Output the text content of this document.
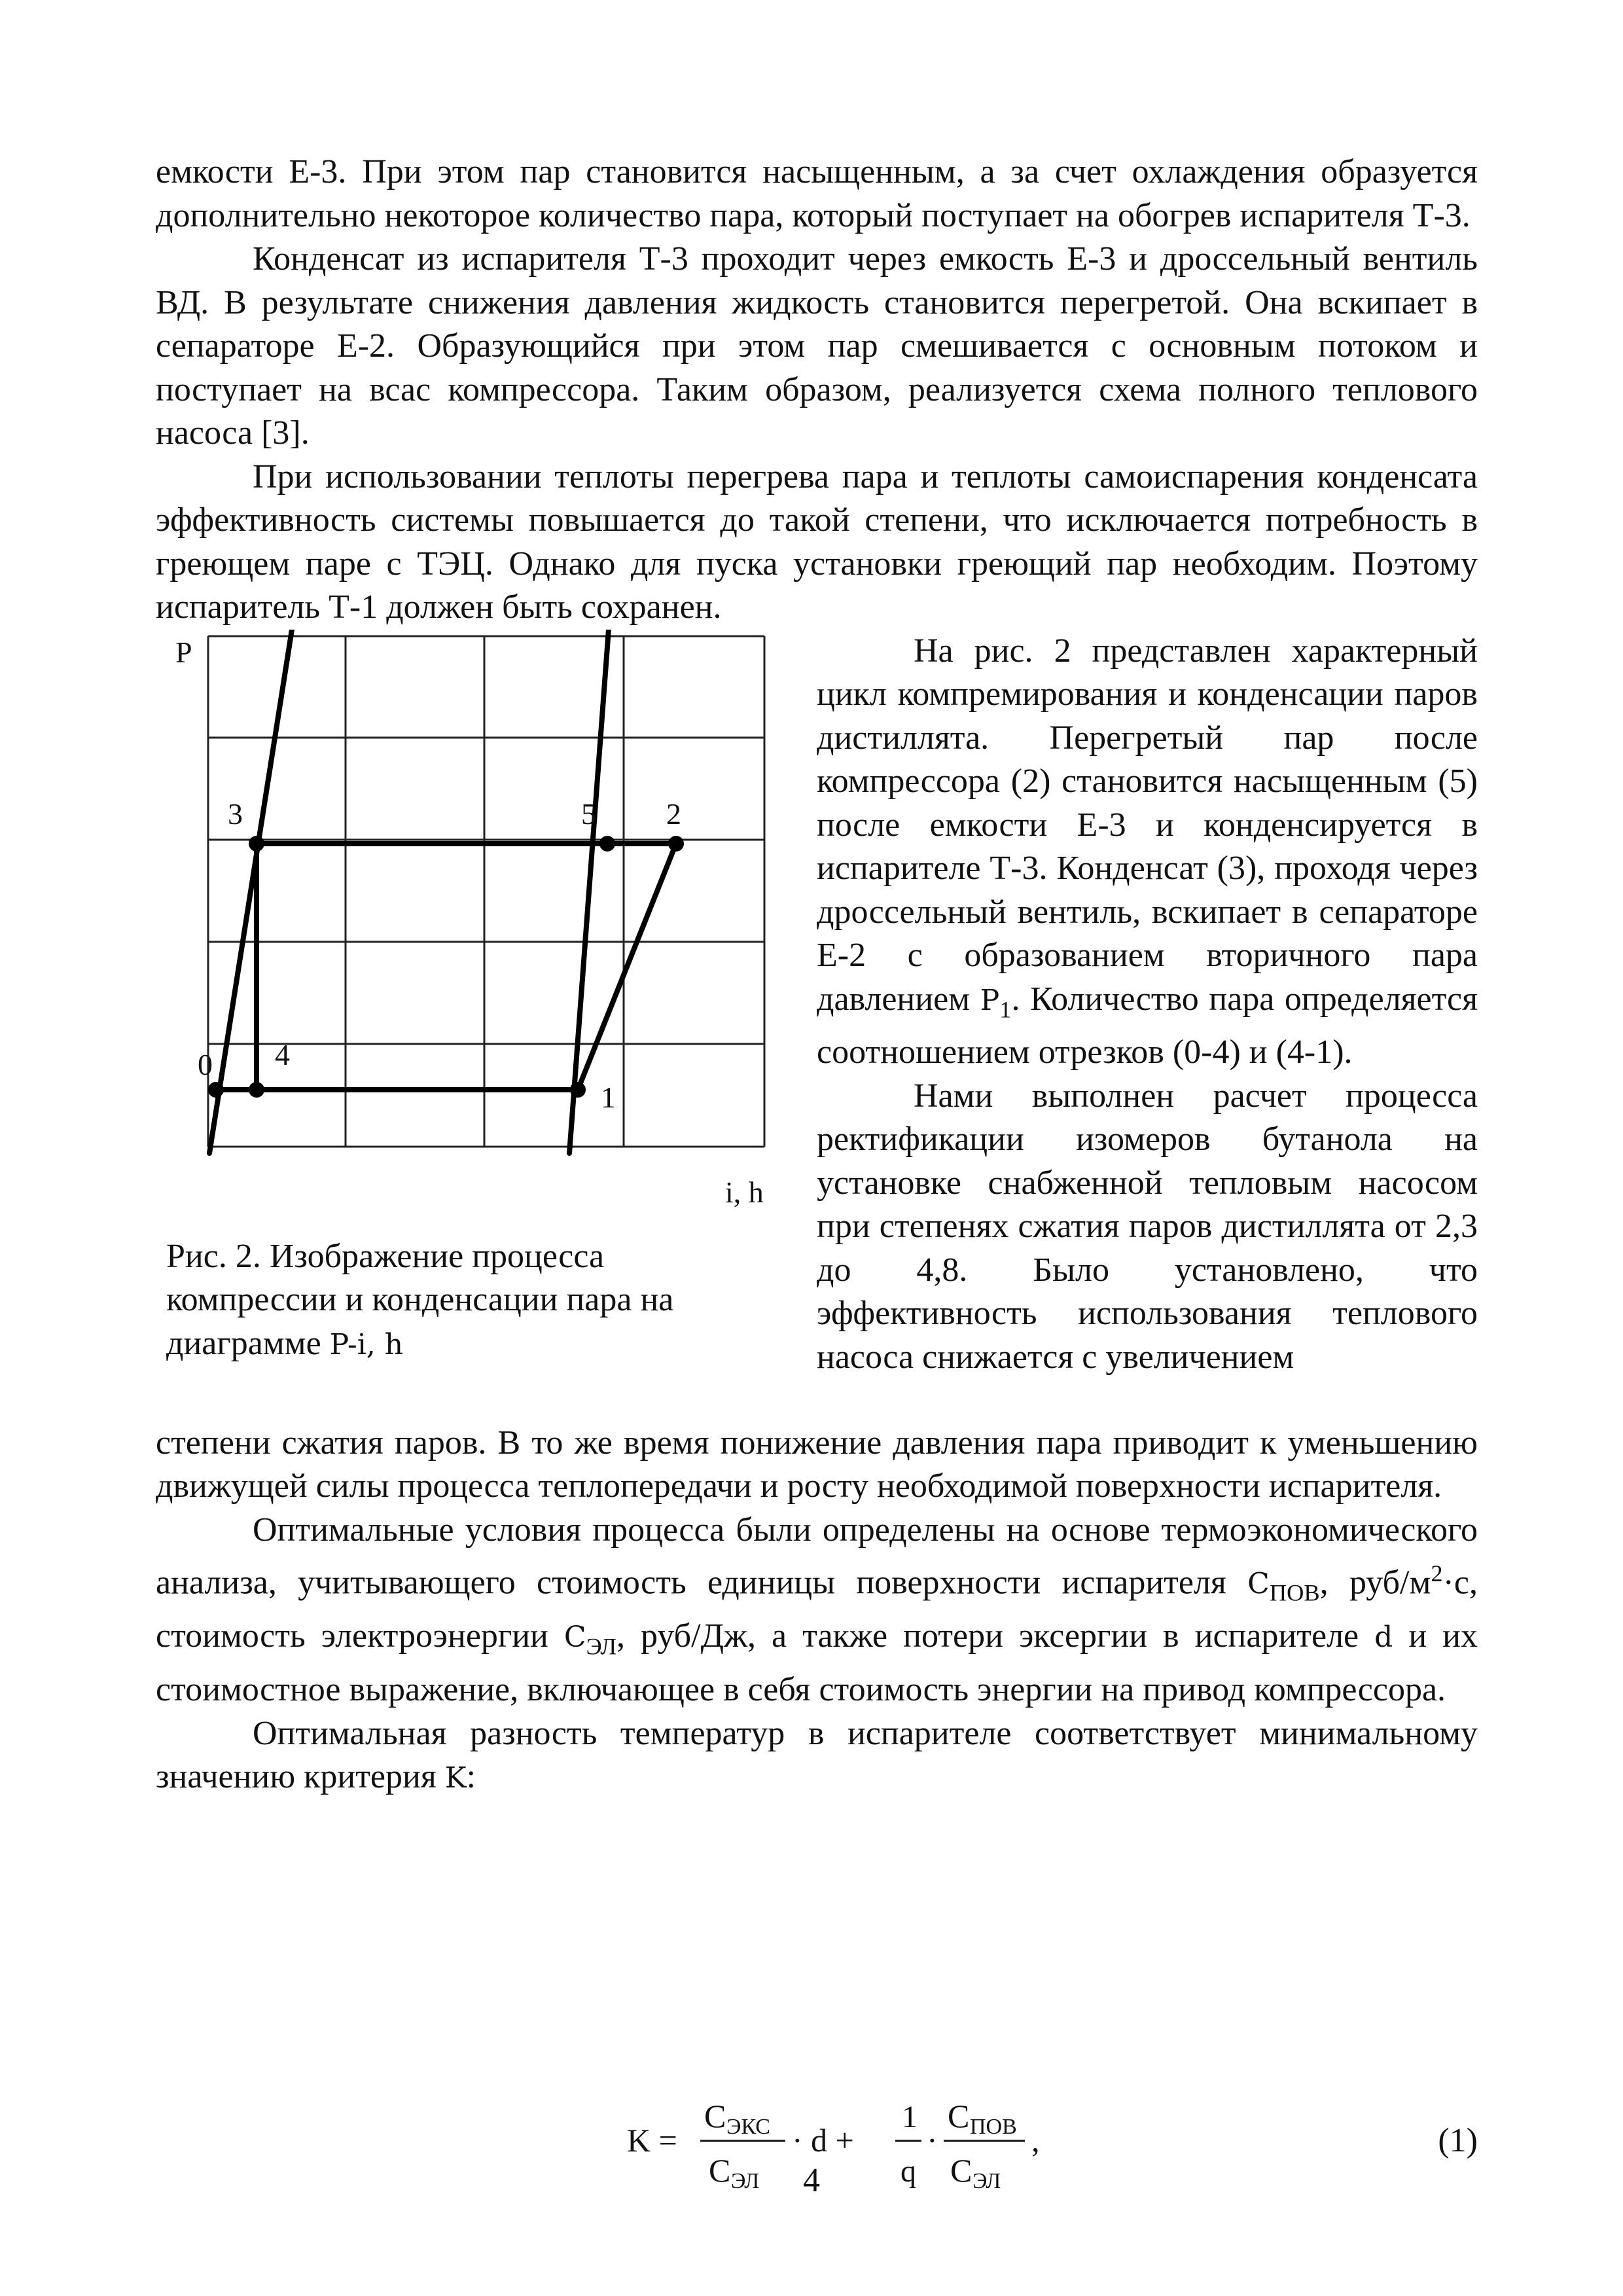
емкости Е-3. При этом пар становится насыщенным, а за счет охлаждения образуется дополнительно некоторое количество пара, который поступает на обогрев испарителя Т-3.

Конденсат из испарителя Т-3 проходит через емкость Е-3 и дроссельный вентиль ВД. В результате снижения давления жидкость становится перегретой. Она вскипает в сепараторе Е-2. Образующийся при этом пар смешивается с основным потоком и поступает на всас компрессора. Таким образом, реализуется схема полного теплового насоса [3].

При использовании теплоты перегрева пара и теплоты самоиспарения конденсата эффективность системы повышается до такой степени, что исключается потребность в греющем паре с ТЭЦ. Однако для пуска установки греющий пар необходим. Поэтому испаритель Т-1 должен быть сохранен.

P
i, h
0 4
1
3	5 2

Рис. 2. Изображение процесса компрессии и конденсации пара на диаграмме P-i, h

На рис. 2 представлен характерный цикл компремирования и конденсации паров дистиллята. Перегретый пар после компрессора (2) становится насыщенным (5) после емкости Е-3 и конденсируется в испарителе Т-3. Конденсат (3), проходя через дроссельный вентиль, вскипает в сепараторе Е-2 с образованием вторичного пара давлением $P_1$. Количество пара определяется соотношением отрезков (0-4) и (4-1).

Нами выполнен расчет процесса ректификации изомеров бутанола на установке снабженной тепловым насосом при степенях сжатия паров дистиллята от 2,3 до 4,8. Было установлено, что эффективность использования теплового насоса снижается с увеличением

степени сжатия паров. В то же время понижение давления пара приводит к уменьшению движущей силы процесса теплопередачи и росту необходимой поверхности испарителя.

Оптимальные условия процесса были определены на основе термоэкономического анализа, учитывающего стоимость единицы поверхности испарителя $C_{ПОВ}$, руб/$м^2\cdot с$, стоимость электроэнергии $C_{ЭЛ}$, руб/Дж, а также потери эксергии в испарителе d и их стоимостное выражение, включающее в себя стоимость энергии на привод компрессора.

Оптимальная разность температур в испарителе соответствует минимальному значению критерия K:

K =
C ЭКС
C ЭЛ
· d +
1
q
·
C ПОВ
C ЭЛ
,	(1)
4
